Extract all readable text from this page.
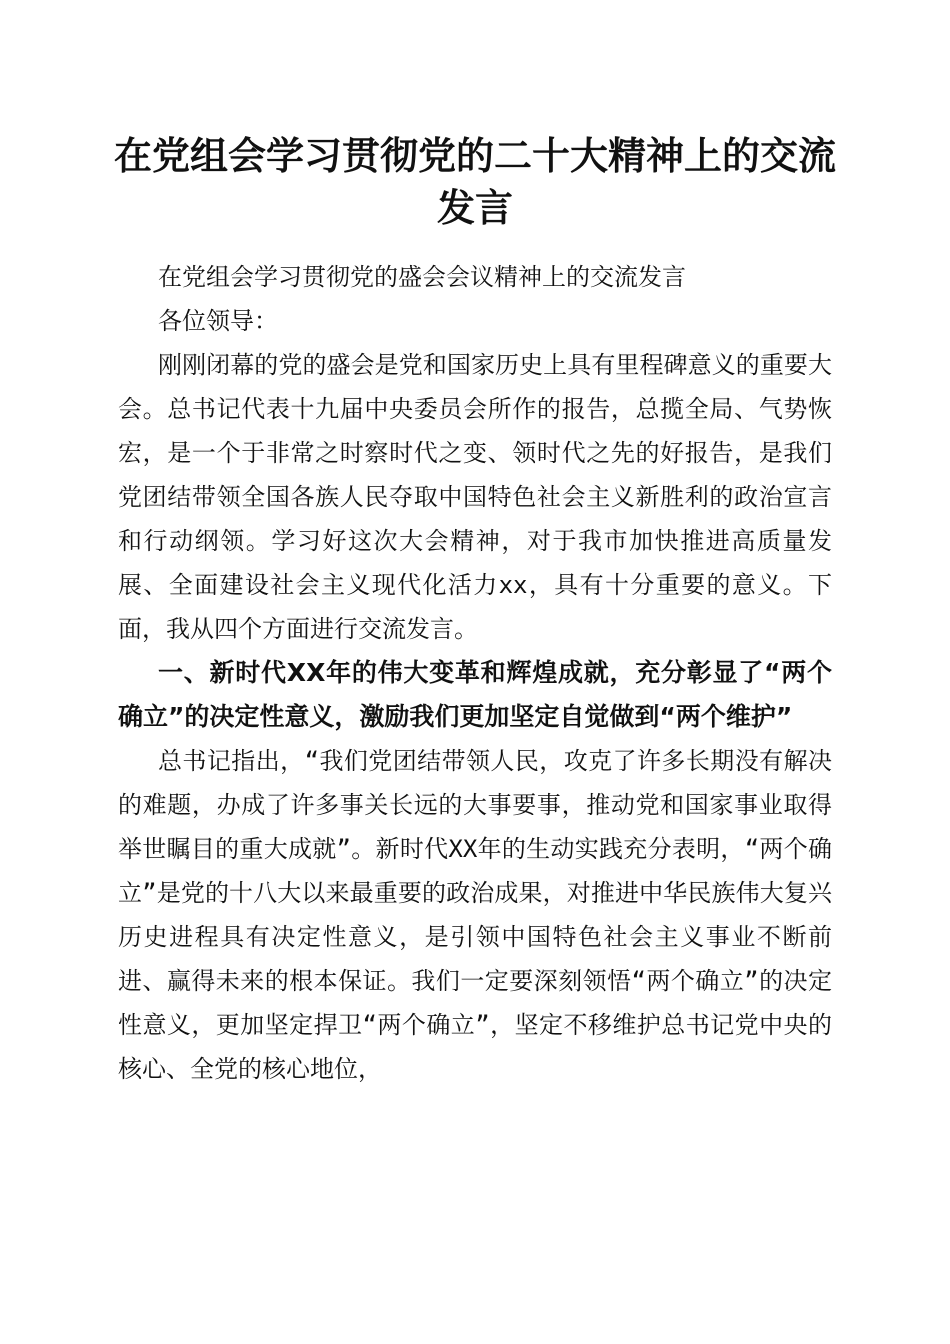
在党组会学习贯彻党的二十大精神上的交流发言

在党组会学习贯彻党的盛会会议精神上的交流发言

各位领导：

刚刚闭幕的党的盛会是党和国家历史上具有里程碑意义的重要大会。总书记代表十九届中央委员会所作的报告，总揽全局、气势恢宏，是一个于非常之时察时代之变、领时代之先的好报告，是我们党团结带领全国各族人民夺取中国特色社会主义新胜利的政治宣言和行动纲领。学习好这次大会精神，对于我市加快推进高质量发展、全面建设社会主义现代化活力xx，具有十分重要的意义。下面，我从四个方面进行交流发言。

一、新时代XX年的伟大变革和辉煌成就，充分彰显了“两个确立”的决定性意义，激励我们更加坚定自觉做到“两个维护”

总书记指出，“我们党团结带领人民，攻克了许多长期没有解决的难题，办成了许多事关长远的大事要事，推动党和国家事业取得举世瞩目的重大成就”。新时代XX年的生动实践充分表明，“两个确立”是党的十八大以来最重要的政治成果，对推进中华民族伟大复兴历史进程具有决定性意义，是引领中国特色社会主义事业不断前进、赢得未来的根本保证。我们一定要深刻领悟“两个确立”的决定性意义，更加坚定捍卫“两个确立”，坚定不移维护总书记党中央的核心、全党的核心地位，
